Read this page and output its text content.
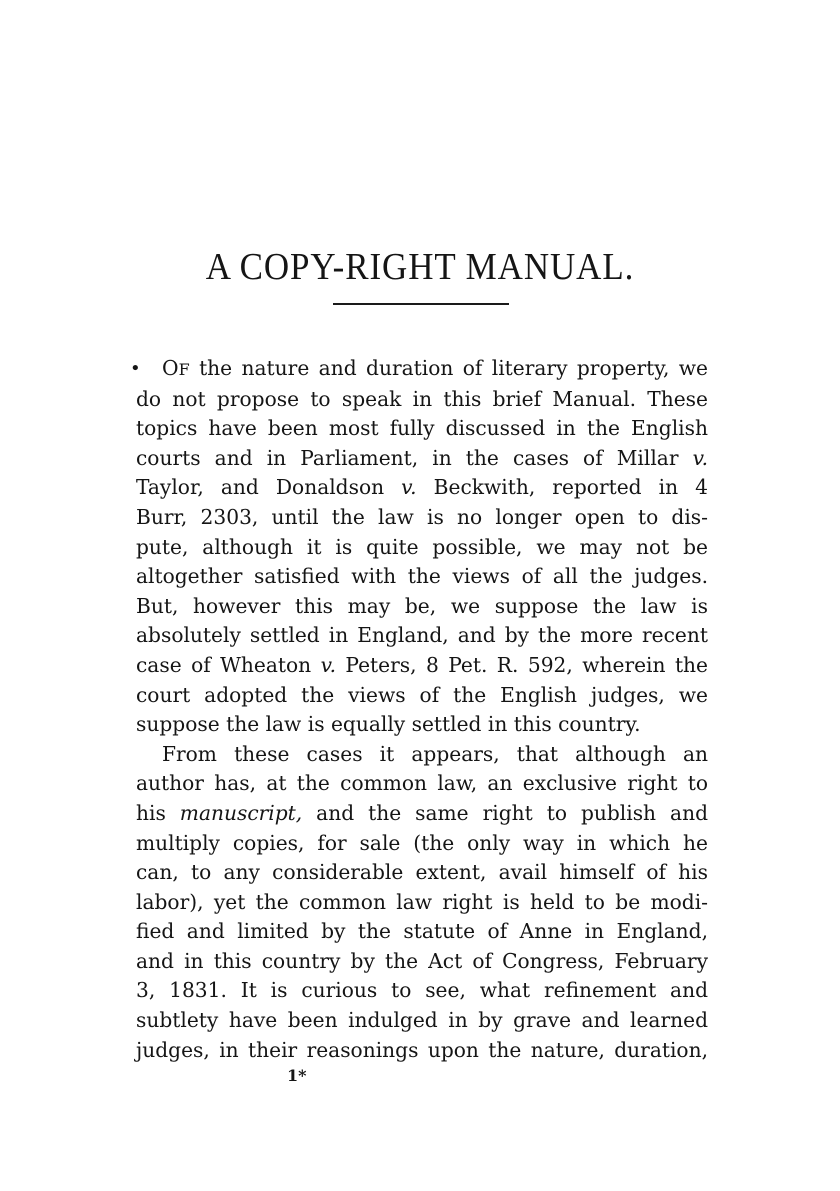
A COPY-RIGHT MANUAL.
•	OF the nature and duration of literary property, we
do not propose to speak in this brief Manual. These
topics have been most fully discussed in the English
courts and in Parliament, in the cases of Millar v.
Taylor, and Donaldson v. Beckwith, reported in 4
Burr, 2303, until the law is no longer open to dis-
pute, although it is quite possible, we may not be
altogether satisfied with the views of all the judges.
But, however this may be, we suppose the law is
absolutely settled in England, and by the more recent
case of Wheaton v. Peters, 8 Pet. R. 592, wherein the
court adopted the views of the English judges, we
suppose the law is equally settled in this country.
From these cases it appears, that although an
author has, at the common law, an exclusive right to
his manuscript, and the same right to publish and
multiply copies, for sale (the only way in which he
can, to any considerable extent, avail himself of his
labor), yet the common law right is held to be modi-
fied and limited by the statute of Anne in England,
and in this country by the Act of Congress, February
3, 1831. It is curious to see, what refinement and
subtlety have been indulged in by grave and learned
judges, in their reasonings upon the nature, duration,
1*
